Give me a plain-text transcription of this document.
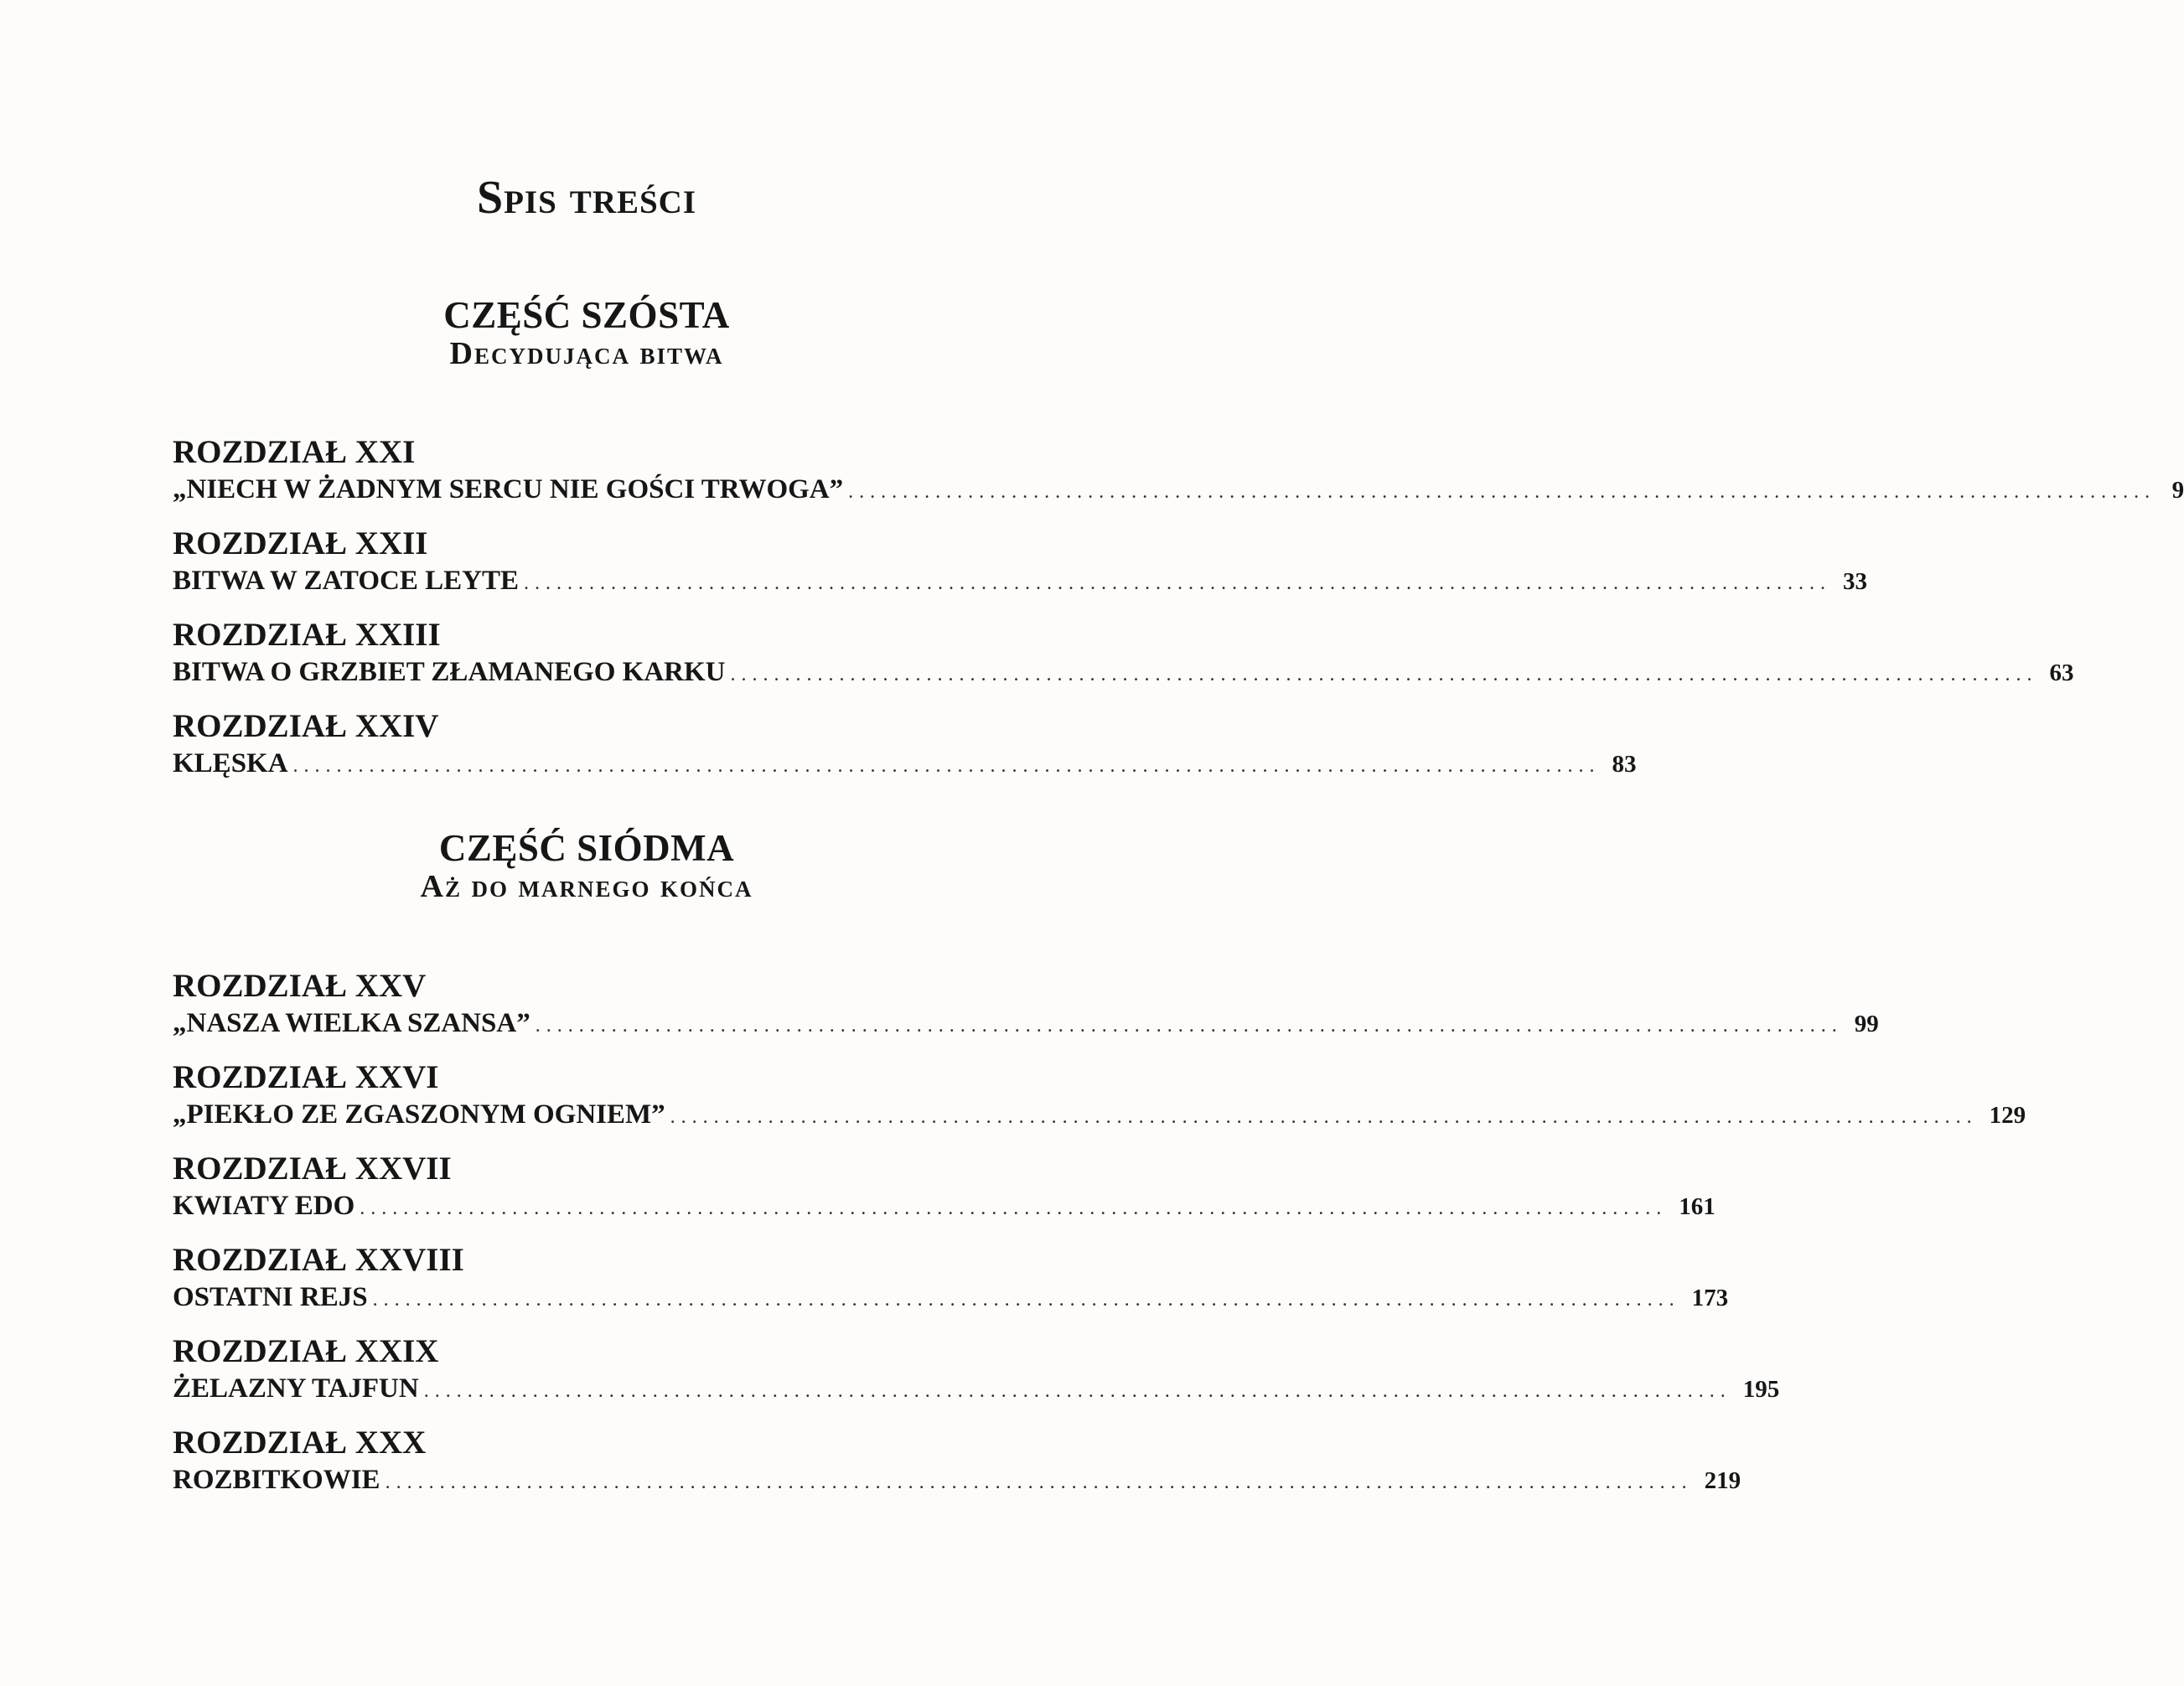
Spis treści
CZĘŚĆ SZÓSTA
Decydująca bitwa
ROZDZIAŁ XXI
„NIECH W ŻADNYM SERCU NIE GOŚCI TRWOGA” ........................................................................................................................ 9
ROZDZIAŁ XXII
BITWA W ZATOCE LEYTE ........................................................................................................................ 33
ROZDZIAŁ XXIII
BITWA O GRZBIET ZŁAMANEGO KARKU ........................................................................................................................ 63
ROZDZIAŁ XXIV
KLĘSKA ........................................................................................................................ 83
CZĘŚĆ SIÓDMA
Aż do marnego końca
ROZDZIAŁ XXV
„NASZA WIELKA SZANSA” ........................................................................................................................ 99
ROZDZIAŁ XXVI
„PIEKŁO ZE ZGASZONYM OGNIEM” ........................................................................................................................ 129
ROZDZIAŁ XXVII
KWIATY EDO ........................................................................................................................ 161
ROZDZIAŁ XXVIII
OSTATNI REJS ........................................................................................................................ 173
ROZDZIAŁ XXIX
ŻELAZNY TAJFUN ........................................................................................................................ 195
ROZDZIAŁ XXX
ROZBITKOWIE ........................................................................................................................ 219
